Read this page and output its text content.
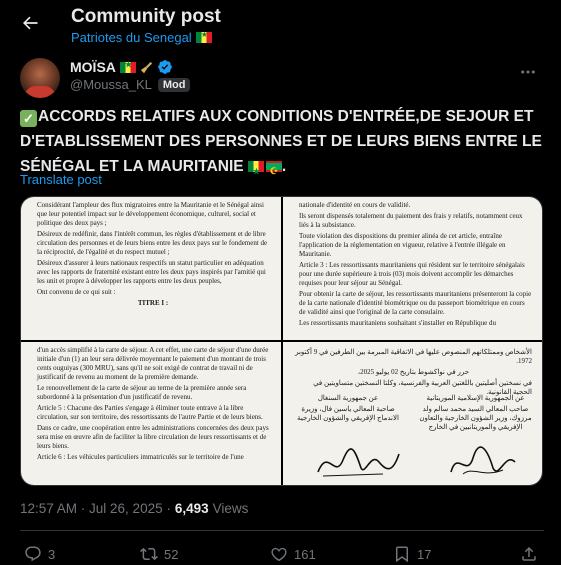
Community post
Patriotes du Senegal
★
MOÏSA
★
@Moussa_KL	Mod
✓ ACCORDS RELATIFS AUX CONDITIONS D'ENTRÉE,DE SEJOUR ET D'ETABLISSEMENT DES PERSONNES ET DE LEURS BIENS ENTRE LE SÉNÉGAL ET LA MAURITANIE ★ ☪ .
Translate post

Considérant l'ampleur des flux migratoires entre la Mauritanie et le Sénégal ainsi que leur potentiel impact sur le développement économique, culturel, social et politique des deux pays ;

Désireux de redéfinir, dans l'intérêt commun, les règles d'établissement et de libre circulation des personnes et de leurs biens entre les deux pays sur le fondement de la réciprocité, de l'égalité et du respect mutuel ;

Désireux d'assurer à leurs nationaux respectifs un statut particulier en adéquation avec les rapports de fraternité existant entre les deux pays inspirés par l'amitié qui les unit et propre à développer les rapports entre les deux peuples,

Ont convenu de ce qui suit :

TITRE I :

nationale d'identité en cours de validité.

Ils seront dispensés totalement du paiement des frais y relatifs, notamment ceux liés à la subsistance.

Toute violation des dispositions du premier alinéa de cet article, entraîne l'application de la réglementation en vigueur, relative à l'entrée illégale en Mauritanie.

Article 3 : Les ressortissants mauritaniens qui résident sur le territoire sénégalais pour une durée supérieure à trois (03) mois doivent accomplir les démarches requises pour leur séjour au Sénégal.

Pour obtenir la carte de séjour, les ressortissants mauritaniens présenteront la copie de la carte nationale d'identité biométrique ou du passeport biométrique en cours de validité ainsi que l'original de la carte consulaire.

Les ressortissants mauritaniens souhaitant s'installer en République du

d'un accès simplifié à la carte de séjour. A cet effet, une carte de séjour d'une durée initiale d'un (1) an leur sera délivrée moyennant le paiement d'un montant de trois cents ouguiyas (300 MRU), sans qu'il ne soit exigé de contrat de travail ni de justificatif de revenu au moment de la première demande.

Le renouvellement de la carte de séjour au terme de la première année sera subordonné à la présentation d'un justificatif de revenu.

Article 5 : Chacune des Parties s'engage à éliminer toute entrave à la libre circulation, sur son territoire, des ressortissants de l'autre Partie et de leurs biens.

Dans ce cadre, une coopération entre les administrations concernées des deux pays sera mise en œuvre afin de faciliter la libre circulation de leurs ressortissants et de leurs biens.

Article 6 : Les véhicules particuliers immatriculés sur le territoire de l'une

الأشخاص وممتلكاتهم المنصوص عليها في الاتفاقية المبرمة بين الطرفين في 9 أكتوبر 1972.

حرر في نواكشوط بتاريخ 02 يوليو 2025،

في نسختين أصليتين باللغتين العربية والفرنسية، وكلتا النسختين متساويتين في الحجية القانونية.

عن جمهورية السنغال

صاحبة المعالي ياسين فال، وزيرة الاندماج الإفريقي والشؤون الخارجية

عن الجمهورية الإسلامية الموريتانية

صاحب المعالي السيد محمد سالم ولد مرزوك، وزير الشؤون الخارجية والتعاون الإفريقي والموريتانيين في الخارج

12:57 AM · Jul 26, 2025 · 6,493 Views
3	52	161	17
